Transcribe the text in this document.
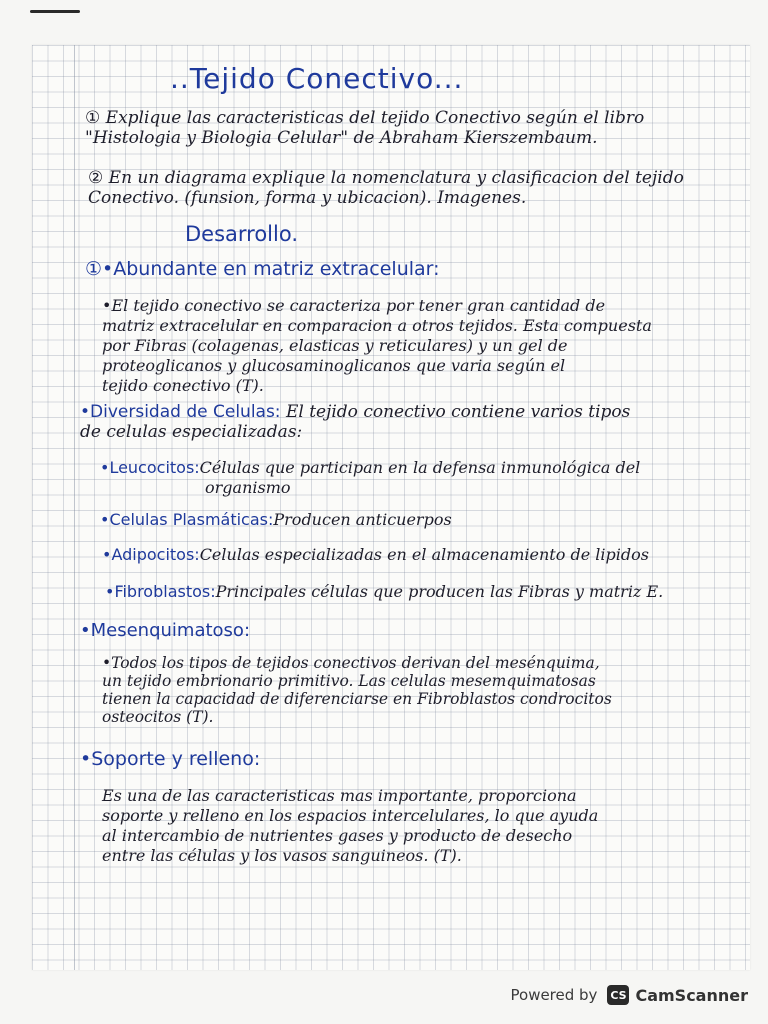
..Tejido Conectivo...
① Explique las caracteristicas del tejido Conectivo según el libro
"Histologia y Biologia Celular" de Abraham Kierszembaum.
② En un diagrama explique la nomenclatura y clasificacion del tejido
Conectivo. (funsion, forma y ubicacion). Imagenes.
Desarrollo.
①•Abundante en matriz extracelular:
•El tejido conectivo se caracteriza por tener gran cantidad de
matriz extracelular en comparacion a otros tejidos. Esta compuesta
por Fibras (colagenas, elasticas y reticulares) y un gel de
proteoglicanos y glucosaminoglicanos que varia según el
tejido conectivo (T).
•Diversidad de Celulas: El tejido conectivo contiene varios tipos
de celulas especializadas:
•Leucocitos:Células que participan en la defensa inmunológica del
organismo
•Celulas Plasmáticas:Producen anticuerpos
•Adipocitos:Celulas especializadas en el almacenamiento de lipidos
•Fibroblastos:Principales células que producen las Fibras y matriz E.
•Mesenquimatoso:
•Todos los tipos de tejidos conectivos derivan del mesénquima,
un tejido embrionario primitivo. Las celulas mesemquimatosas
tienen la capacidad de diferenciarse en Fibroblastos condrocitos
osteocitos (T).
•Soporte y relleno:
Es una de las caracteristicas mas importante, proporciona
soporte y relleno en los espacios intercelulares, lo que ayuda
al intercambio de nutrientes gases y producto de desecho
entre las células y los vasos sanguineos. (T).
Powered by CS CamScanner
